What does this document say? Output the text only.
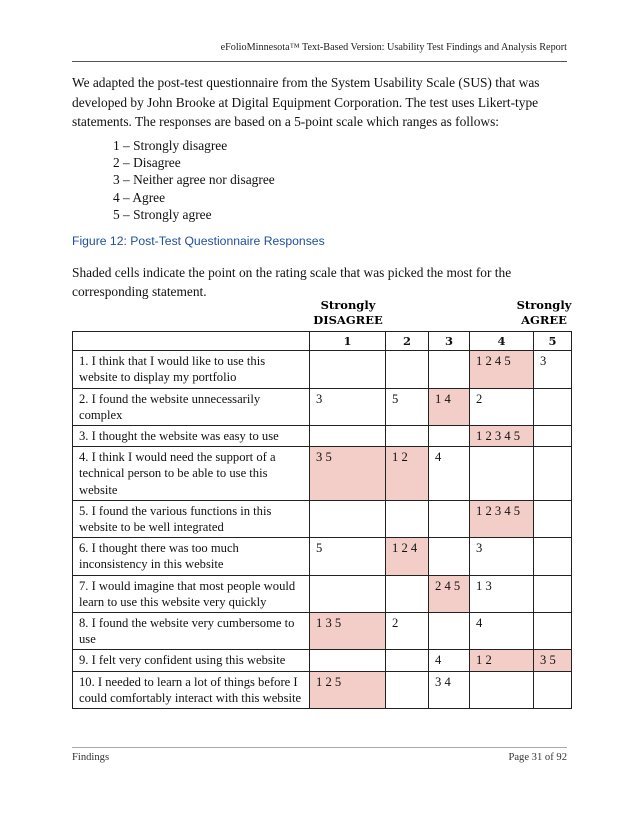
eFolioMinnesota™ Text-Based Version: Usability Test Findings and Analysis Report

We adapted the post-test questionnaire from the System Usability Scale (SUS) that was developed by John Brooke at Digital Equipment Corporation. The test uses Likert-type statements. The responses are based on a 5-point scale which ranges as follows:

1 – Strongly disagree
2 – Disagree
3 – Neither agree nor disagree
4 – Agree
5 – Strongly agree
Figure 12: Post-Test Questionnaire Responses

Shaded cells indicate the point on the rating scale that was picked the most for the corresponding statement.

Strongly DISAGREE
Strongly AGREE
	1	2	3	4	5
1. I think that I would like to use this website to display my portfolio				1 2 4 5	3
2. I found the website unnecessarily complex	3	5	1 4	2	
3. I thought the website was easy to use				1 2 3 4 5	
4. I think I would need the support of a technical person to be able to use this website	3 5	1 2	4		
5. I found the various functions in this website to be well integrated				1 2 3 4 5	
6. I thought there was too much inconsistency in this website	5	1 2 4		3	
7. I would imagine that most people would learn to use this website very quickly			2 4 5	1 3	
8. I found the website very cumbersome to use	1 3 5	2		4	
9. I felt very confident using this website			4	1 2	3 5
10. I needed to learn a lot of things before I could comfortably interact with this website	1 2 5		3 4		
Findings	Page 31 of 92
